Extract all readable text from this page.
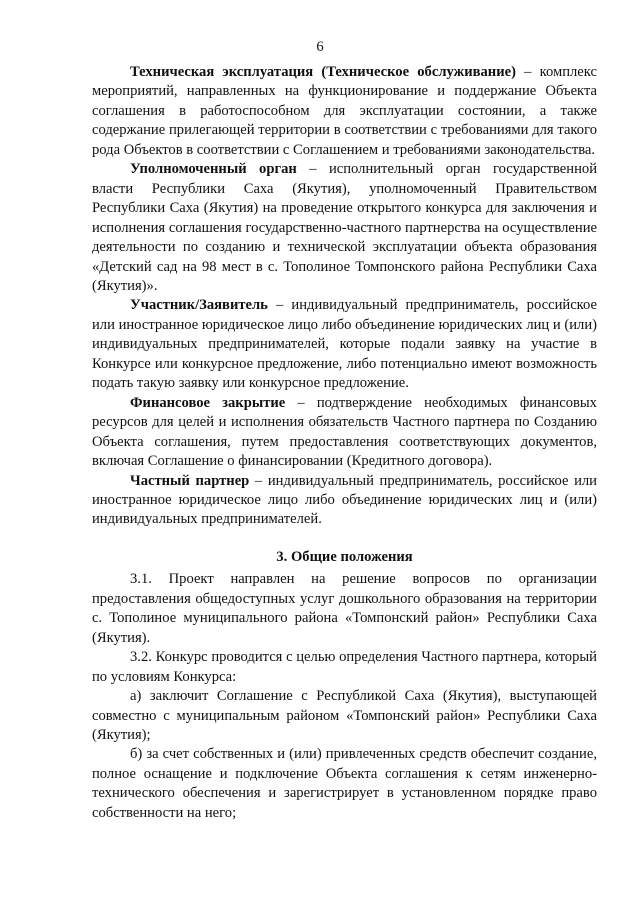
6

Техническая эксплуатация (Техническое обслуживание) – комплекс мероприятий, направленных на функционирование и поддержание Объекта соглашения в работоспособном для эксплуатации состоянии, а также содержание прилегающей территории в соответствии с требованиями для такого рода Объектов в соответствии с Соглашением и требованиями законодательства.

Уполномоченный орган – исполнительный орган государственной власти Республики Саха (Якутия), уполномоченный Правительством Республики Саха (Якутия) на проведение открытого конкурса для заключения и исполнения соглашения государственно-частного партнерства на осуществление деятельности по созданию и технической эксплуатации объекта образования «Детский сад на 98 мест в с. Тополиное Томпонского района Республики Саха (Якутия)».

Участник/Заявитель – индивидуальный предприниматель, российское или иностранное юридическое лицо либо объединение юридических лиц и (или) индивидуальных предпринимателей, которые подали заявку на участие в Конкурсе или конкурсное предложение, либо потенциально имеют возможность подать такую заявку или конкурсное предложение.

Финансовое закрытие – подтверждение необходимых финансовых ресурсов для целей и исполнения обязательств Частного партнера по Созданию Объекта соглашения, путем предоставления соответствующих документов, включая Соглашение о финансировании (Кредитного договора).

Частный партнер – индивидуальный предприниматель, российское или иностранное юридическое лицо либо объединение юридических лиц и (или) индивидуальных предпринимателей.

3. Общие положения

3.1. Проект направлен на решение вопросов по организации предоставления общедоступных услуг дошкольного образования на территории с. Тополиное муниципального района «Томпонский район» Республики Саха (Якутия).

3.2. Конкурс проводится с целью определения Частного партнера, который по условиям Конкурса:

а) заключит Соглашение с Республикой Саха (Якутия), выступающей совместно с муниципальным районом «Томпонский район» Республики Саха (Якутия);

б) за счет собственных и (или) привлеченных средств обеспечит создание, полное оснащение и подключение Объекта соглашения к сетям инженерно-технического обеспечения и зарегистрирует в установленном порядке право собственности на него;
